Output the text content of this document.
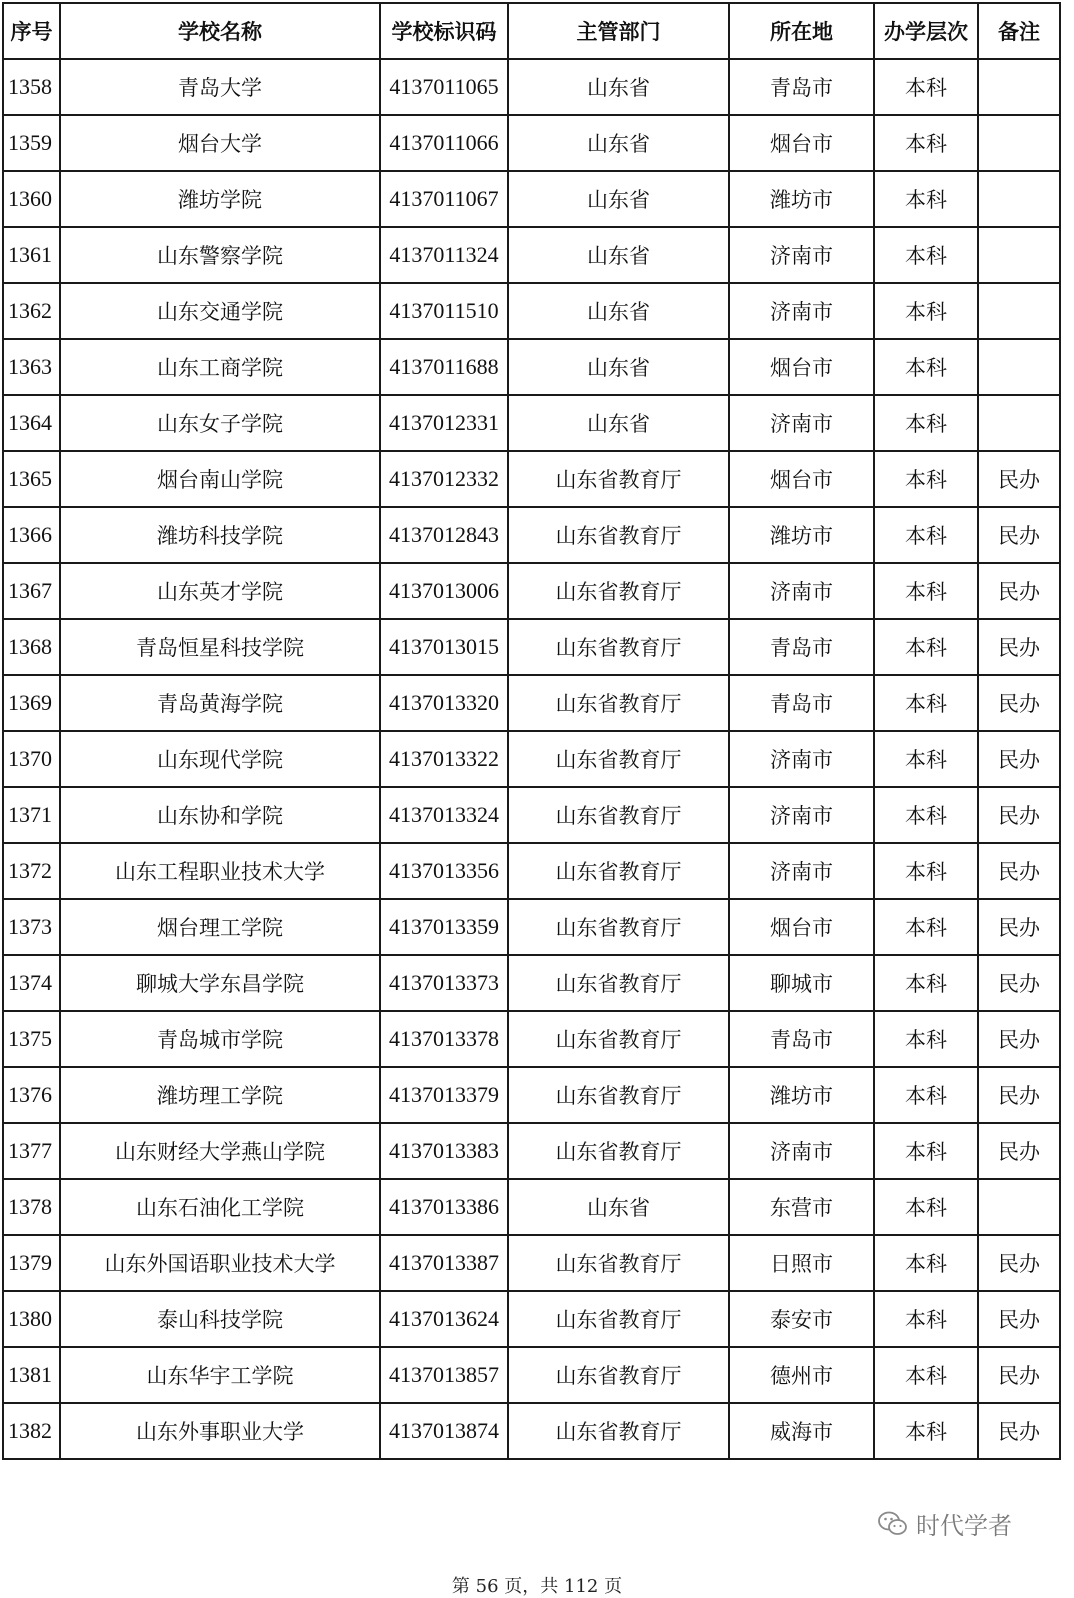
序号	学校名称	学校标识码	主管部门	所在地	办学层次	备注
1358	青岛大学	4137011065	山东省	青岛市	本科	
1359	烟台大学	4137011066	山东省	烟台市	本科	
1360	潍坊学院	4137011067	山东省	潍坊市	本科	
1361	山东警察学院	4137011324	山东省	济南市	本科	
1362	山东交通学院	4137011510	山东省	济南市	本科	
1363	山东工商学院	4137011688	山东省	烟台市	本科	
1364	山东女子学院	4137012331	山东省	济南市	本科	
1365	烟台南山学院	4137012332	山东省教育厅	烟台市	本科	民办
1366	潍坊科技学院	4137012843	山东省教育厅	潍坊市	本科	民办
1367	山东英才学院	4137013006	山东省教育厅	济南市	本科	民办
1368	青岛恒星科技学院	4137013015	山东省教育厅	青岛市	本科	民办
1369	青岛黄海学院	4137013320	山东省教育厅	青岛市	本科	民办
1370	山东现代学院	4137013322	山东省教育厅	济南市	本科	民办
1371	山东协和学院	4137013324	山东省教育厅	济南市	本科	民办
1372	山东工程职业技术大学	4137013356	山东省教育厅	济南市	本科	民办
1373	烟台理工学院	4137013359	山东省教育厅	烟台市	本科	民办
1374	聊城大学东昌学院	4137013373	山东省教育厅	聊城市	本科	民办
1375	青岛城市学院	4137013378	山东省教育厅	青岛市	本科	民办
1376	潍坊理工学院	4137013379	山东省教育厅	潍坊市	本科	民办
1377	山东财经大学燕山学院	4137013383	山东省教育厅	济南市	本科	民办
1378	山东石油化工学院	4137013386	山东省	东营市	本科	
1379	山东外国语职业技术大学	4137013387	山东省教育厅	日照市	本科	民办
1380	泰山科技学院	4137013624	山东省教育厅	泰安市	本科	民办
1381	山东华宇工学院	4137013857	山东省教育厅	德州市	本科	民办
1382	山东外事职业大学	4137013874	山东省教育厅	威海市	本科	民办
时代学者
第 56 页，共 112 页
